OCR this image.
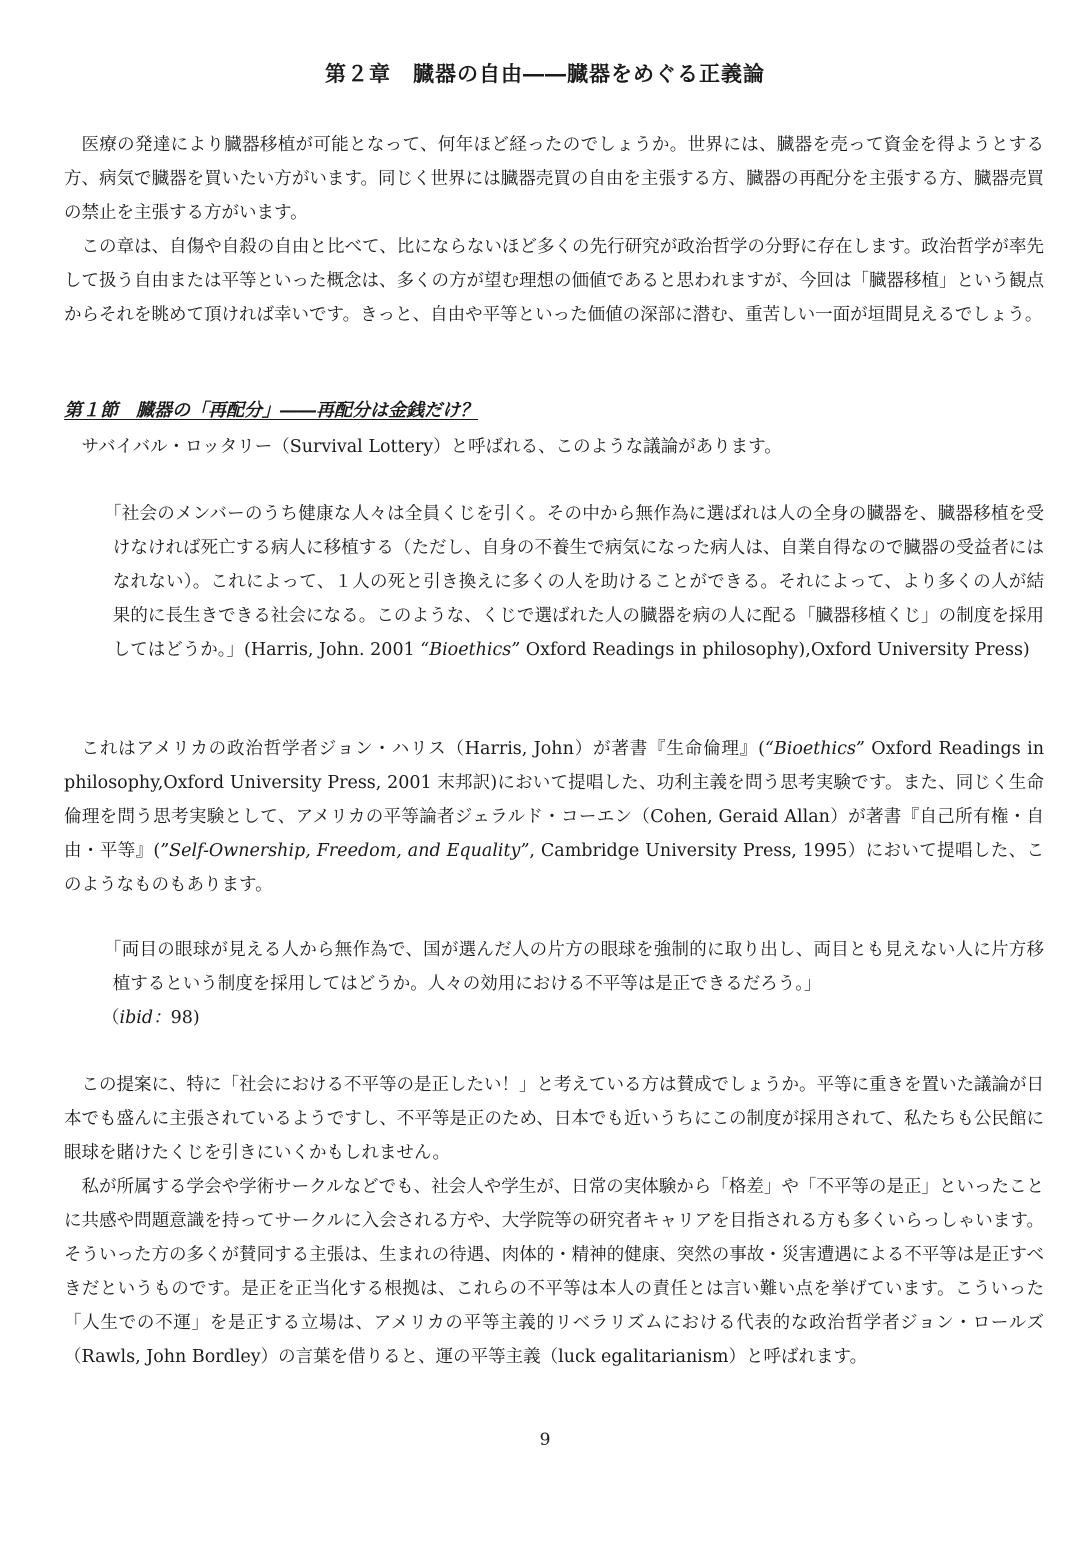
第２章　臓器の自由――臓器をめぐる正義論

医療の発達により臓器移植が可能となって、何年ほど経ったのでしょうか。世界には、臓器を売って資金を得ようとする方、病気で臓器を買いたい方がいます。同じく世界には臓器売買の自由を主張する方、臓器の再配分を主張する方、臓器売買の禁止を主張する方がいます。

この章は、自傷や自殺の自由と比べて、比にならないほど多くの先行研究が政治哲学の分野に存在します。政治哲学が率先して扱う自由または平等といった概念は、多くの方が望む理想の価値であると思われますが、今回は「臓器移植」という観点からそれを眺めて頂ければ幸いです。きっと、自由や平等といった価値の深部に潜む、重苦しい一面が垣間見えるでしょう。

第１節　臓器の「再配分」――再配分は金銭だけ？

サバイバル・ロッタリー（Survival Lottery）と呼ばれる、このような議論があります。

「社会のメンバーのうち健康な人々は全員くじを引く。その中から無作為に選ばれは人の全身の臓器を、臓器移植を受けなければ死亡する病人に移植する（ただし、自身の不養生で病気になった病人は、自業自得なので臓器の受益者にはなれない）。これによって、１人の死と引き換えに多くの人を助けることができる。それによって、より多くの人が結果的に長生きできる社会になる。このような、くじで選ばれた人の臓器を病の人に配る「臓器移植くじ」の制度を採用してはどうか。」(Harris, John. 2001 “Bioethics” Oxford Readings in philosophy),Oxford University Press)

これはアメリカの政治哲学者ジョン・ハリス（Harris, John）が著書『生命倫理』(“Bioethics” Oxford Readings in philosophy,Oxford University Press, 2001 末邦訳)において提唱した、功利主義を問う思考実験です。また、同じく生命倫理を問う思考実験として、アメリカの平等論者ジェラルド・コーエン（Cohen, Geraid Allan）が著書『自己所有権・自由・平等』(”Self-Ownership, Freedom, and Equality”, Cambridge University Press, 1995）において提唱した、このようなものもあります。

「両目の眼球が見える人から無作為で、国が選んだ人の片方の眼球を強制的に取り出し、両目とも見えない人に片方移植するという制度を採用してはどうか。人々の効用における不平等は是正できるだろう。」

（ibid：98)

この提案に、特に「社会における不平等の是正したい！」と考えている方は賛成でしょうか。平等に重きを置いた議論が日本でも盛んに主張されているようですし、不平等是正のため、日本でも近いうちにこの制度が採用されて、私たちも公民館に眼球を賭けたくじを引きにいくかもしれません。

私が所属する学会や学術サークルなどでも、社会人や学生が、日常の実体験から「格差」や「不平等の是正」といったことに共感や問題意識を持ってサークルに入会される方や、大学院等の研究者キャリアを目指される方も多くいらっしゃいます。そういった方の多くが賛同する主張は、生まれの待遇、肉体的・精神的健康、突然の事故・災害遭遇による不平等は是正すべきだというものです。是正を正当化する根拠は、これらの不平等は本人の責任とは言い難い点を挙げています。こういった「人生での不運」を是正する立場は、アメリカの平等主義的リベラリズムにおける代表的な政治哲学者ジョン・ロールズ（Rawls, John Bordley）の言葉を借りると、運の平等主義（luck egalitarianism）と呼ばれます。

9
